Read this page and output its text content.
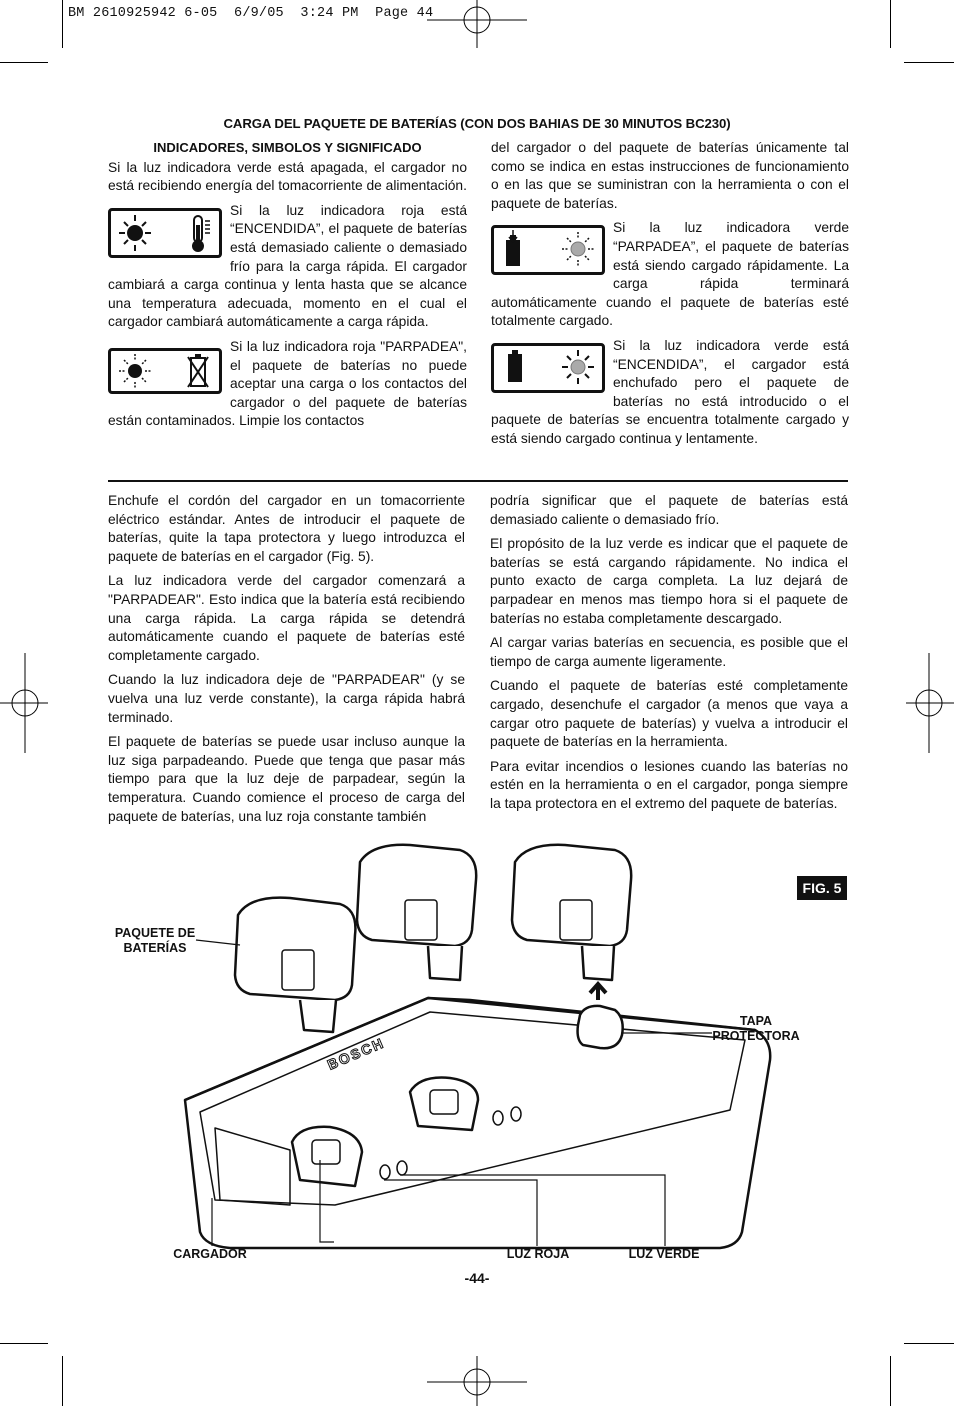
BM 2610925942 6-05  6/9/05  3:24 PM  Page 44
CARGA DEL PAQUETE DE BATERÍAS (CON DOS BAHIAS DE 30 MINUTOS BC230)
INDICADORES, SIMBOLOS Y SIGNIFICADO

Si la luz indicadora verde está apagada, el cargador no está recibiendo energía del tomacorriente de alimentación.

Si la luz indicadora roja está “ENCENDIDA”, el paquete de baterías está demasiado caliente o demasiado frío para la carga rápida. El cargador cambiará a carga continua y lenta hasta que se alcance una temperatura adecuada, momento en el cual el cargador cambiará automáticamente a carga rápida.

Si la luz indicadora roja "PARPADEA", el paquete de baterías no puede aceptar una carga o los contactos del cargador o del paquete de baterías están contaminados. Limpie los contactos

del cargador o del paquete de baterías únicamente tal como se indica en estas instrucciones de funcionamiento o en las que se suministran con la herramienta o con el paquete de baterías.

Si la luz indicadora verde “PARPADEA”, el paquete de baterías está siendo cargado rápidamente. La carga rápida terminará automáticamente cuando el paquete de baterías esté totalmente cargado.

Si la luz indicadora verde está “ENCENDIDA”, el cargador está enchufado pero el paquete de baterías no está introducido o el paquete de baterías se encuentra totalmente cargado y está siendo cargado continua y lentamente.

Enchufe el cordón del cargador en un tomacorriente eléctrico estándar. Antes de introducir el paquete de baterías, quite la tapa protectora y luego introduzca el paquete de baterías en el cargador (Fig. 5).

La luz indicadora verde del cargador comenzará a "PARPADEAR". Esto indica que la batería está recibiendo una carga rápida. La carga rápida se detendrá automáticamente cuando el paquete de baterías esté completamente cargado.

Cuando la luz indicadora deje de "PARPADEAR" (y se vuelva una luz verde constante), la carga rápida habrá terminado.

El paquete de baterías se puede usar incluso aunque la luz siga parpadeando. Puede que tenga que pasar más tiempo para que la luz deje de parpadear, según la temperatura. Cuando comience el proceso de carga del paquete de baterías, una luz roja constante también

podría significar que el paquete de baterías está demasiado caliente o demasiado frío.

El propósito de la luz verde es indicar que el paquete de baterías se está cargando rápidamente. No indica el punto exacto de carga completa. La luz dejará de parpadear en menos mas tiempo hora si el paquete de baterías no estaba completamente descargado.

Al cargar varias baterías en secuencia, es posible que el tiempo de carga aumente ligeramente.

Cuando el paquete de baterías esté completamente cargado, desenchufe el cargador (a menos que vaya a cargar otro paquete de baterías) y vuelva a introducir el paquete de baterías en la herramienta.

Para evitar incendios o lesiones cuando las baterías no estén en la herramienta o en el cargador, ponga siempre la tapa protectora en el extremo del paquete de baterías.

FIG. 5
BOSCH
PAQUETE DE
BATERÍAS
TAPA
PROTECTORA
CARGADOR	LUZ ROJA	LUZ VERDE
-44-
